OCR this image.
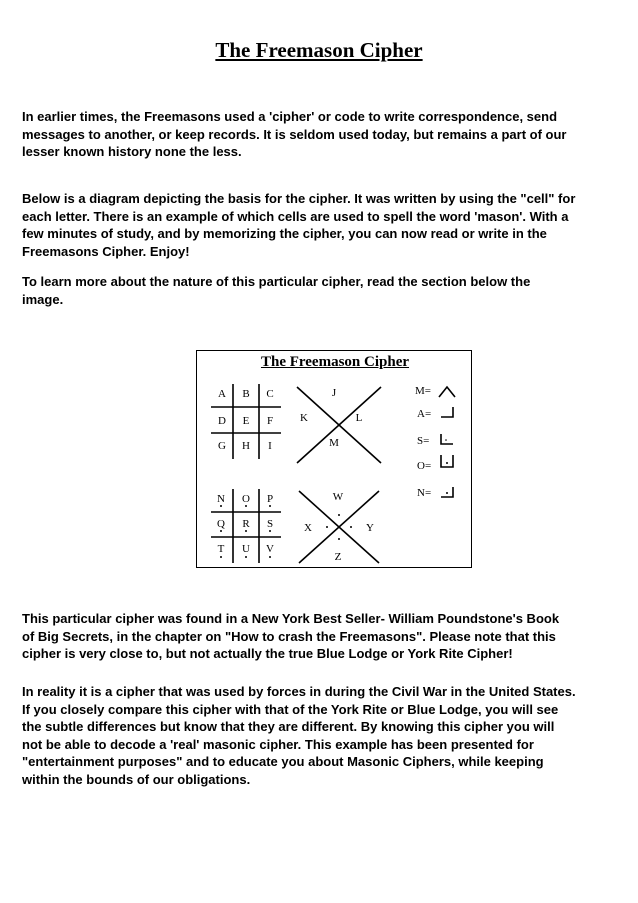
The Freemason Cipher

In earlier times, the Freemasons used a 'cipher' or code to write correspondence, send
messages to another, or keep records. It is seldom used today, but remains a part of our
lesser known history none the less.

Below is a diagram depicting the basis for the cipher. It was written by using the "cell" for
each letter. There is an example of which cells are used to spell the word 'mason'. With a
few minutes of study, and by memorizing the cipher, you can now read or write in the
Freemasons Cipher. Enjoy!

To learn more about the nature of this particular cipher, read the section below the
image.

The Freemason Cipher
A	B	C
D	E	F
G H	I
J
K	L
M
N O	P
Q	R	S
T	U V
W
X	Y
Z
M=
A=
S=
O=
N=

This particular cipher was found in a New York Best Seller- William Poundstone's Book
of Big Secrets, in the chapter on "How to crash the Freemasons". Please note that this
cipher is very close to, but not actually the true Blue Lodge or York Rite Cipher!

In reality it is a cipher that was used by forces in during the Civil War in the United States.
If you closely compare this cipher with that of the York Rite or Blue Lodge, you will see
the subtle differences but know that they are different. By knowing this cipher you will
not be able to decode a 'real' masonic cipher. This example has been presented for
"entertainment purposes" and to educate you about Masonic Ciphers, while keeping
within the bounds of our obligations.
